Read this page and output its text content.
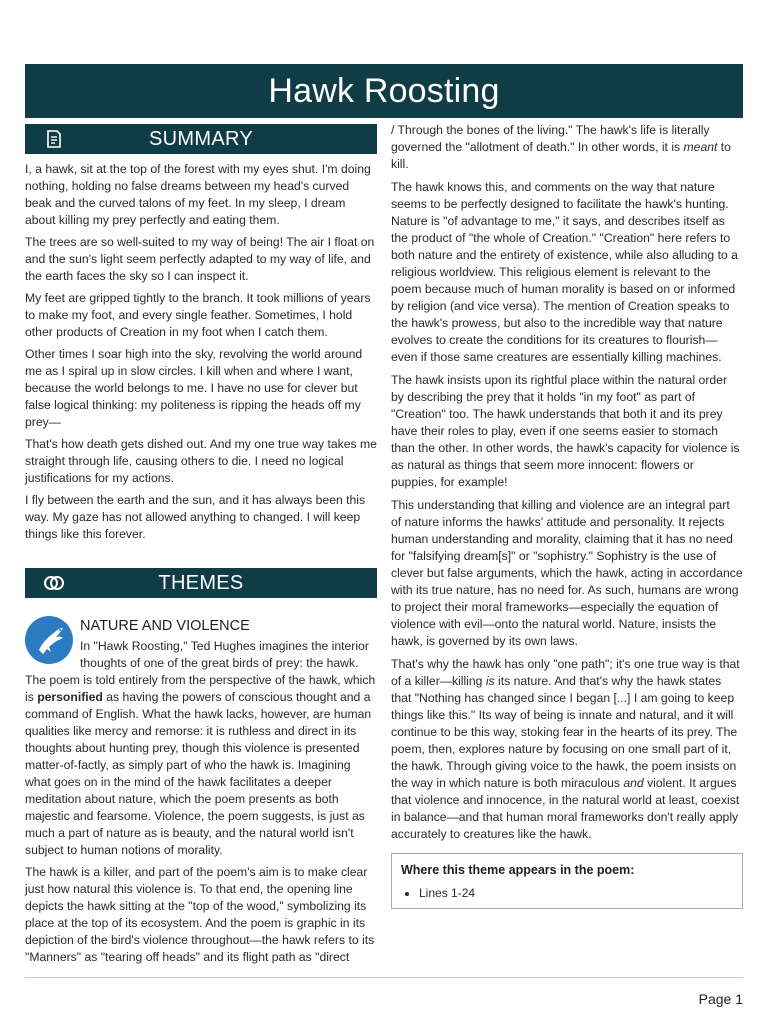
Hawk Roosting
SUMMARY

I, a hawk, sit at the top of the forest with my eyes shut. I'm doing nothing, holding no false dreams between my head's curved beak and the curved talons of my feet. In my sleep, I dream about killing my prey perfectly and eating them.

The trees are so well-suited to my way of being! The air I float on and the sun's light seem perfectly adapted to my way of life, and the earth faces the sky so I can inspect it.

My feet are gripped tightly to the branch. It took millions of years to make my foot, and every single feather. Sometimes, I hold other products of Creation in my foot when I catch them.

Other times I soar high into the sky, revolving the world around me as I spiral up in slow circles. I kill when and where I want, because the world belongs to me. I have no use for clever but false logical thinking: my politeness is ripping the heads off my prey—

That's how death gets dished out. And my one true way takes me straight through life, causing others to die. I need no logical justifications for my actions.

I fly between the earth and the sun, and it has always been this way. My gaze has not allowed anything to changed. I will keep things like this forever.

THEMES
NATURE AND VIOLENCE

In "Hawk Roosting," Ted Hughes imagines the interior thoughts of one of the great birds of prey: the hawk. The poem is told entirely from the perspective of the hawk, which is personified as having the powers of conscious thought and a command of English. What the hawk lacks, however, are human qualities like mercy and remorse: it is ruthless and direct in its thoughts about hunting prey, though this violence is presented matter-of-factly, as simply part of who the hawk is. Imagining what goes on in the mind of the hawk facilitates a deeper meditation about nature, which the poem presents as both majestic and fearsome. Violence, the poem suggests, is just as much a part of nature as is beauty, and the natural world isn't subject to human notions of morality.

The hawk is a killer, and part of the poem's aim is to make clear just how natural this violence is. To that end, the opening line depicts the hawk sitting at the "top of the wood," symbolizing its place at the top of its ecosystem. And the poem is graphic in its depiction of the bird's violence throughout—the hawk refers to its "Manners" as "tearing off heads" and its flight path as "direct

/ Through the bones of the living." The hawk's life is literally governed the "allotment of death." In other words, it is meant to kill.

The hawk knows this, and comments on the way that nature seems to be perfectly designed to facilitate the hawk's hunting. Nature is "of advantage to me," it says, and describes itself as the product of "the whole of Creation." "Creation" here refers to both nature and the entirety of existence, while also alluding to a religious worldview. This religious element is relevant to the poem because much of human morality is based on or informed by religion (and vice versa). The mention of Creation speaks to the hawk's prowess, but also to the incredible way that nature evolves to create the conditions for its creatures to flourish—even if those same creatures are essentially killing machines.

The hawk insists upon its rightful place within the natural order by describing the prey that it holds "in my foot" as part of "Creation" too. The hawk understands that both it and its prey have their roles to play, even if one seems easier to stomach than the other. In other words, the hawk's capacity for violence is as natural as things that seem more innocent: flowers or puppies, for example!

This understanding that killing and violence are an integral part of nature informs the hawks' attitude and personality. It rejects human understanding and morality, claiming that it has no need for "falsifying dream[s]" or "sophistry." Sophistry is the use of clever but false arguments, which the hawk, acting in accordance with its true nature, has no need for. As such, humans are wrong to project their moral frameworks—especially the equation of violence with evil—onto the natural world. Nature, insists the hawk, is governed by its own laws.

That's why the hawk has only "one path"; it's one true way is that of a killer—killing is its nature. And that's why the hawk states that "Nothing has changed since I began [...] I am going to keep things like this." Its way of being is innate and natural, and it will continue to be this way, stoking fear in the hearts of its prey. The poem, then, explores nature by focusing on one small part of it, the hawk. Through giving voice to the hawk, the poem insists on the way in which nature is both miraculous and violent. It argues that violence and innocence, in the natural world at least, coexist in balance—and that human moral frameworks don't really apply accurately to creatures like the hawk.

Where this theme appears in the poem:
• Lines 1-24
Page 1
